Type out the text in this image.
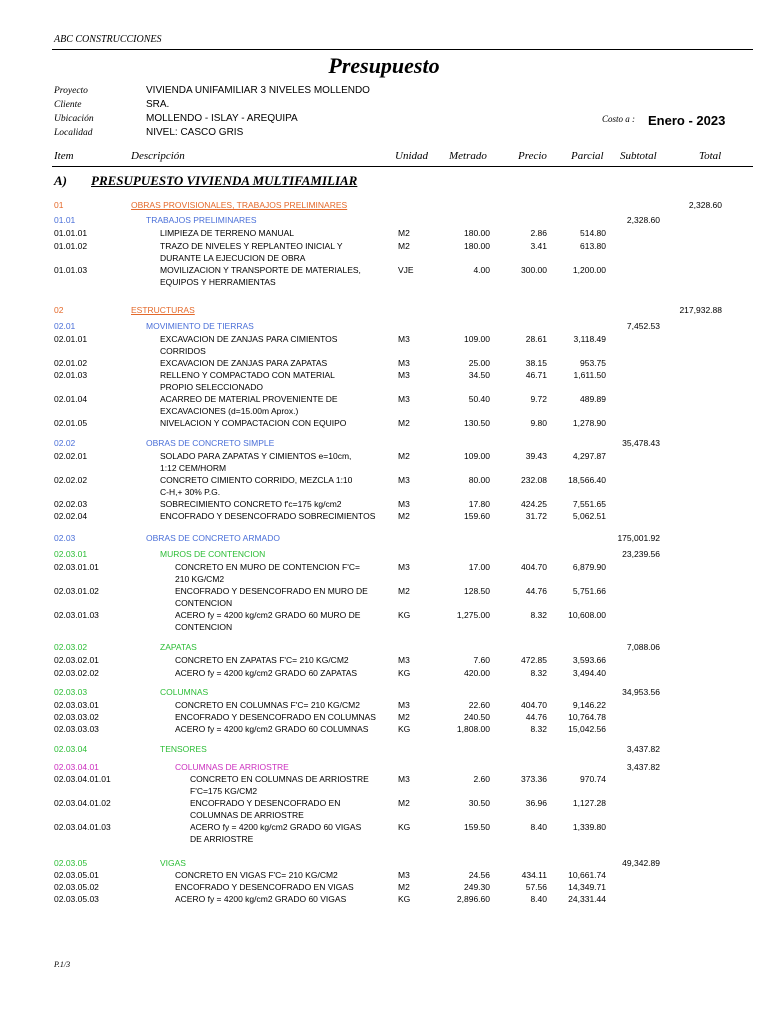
ABC CONSTRUCCIONES
Presupuesto
Proyecto	VIVIENDA UNIFAMILIAR 3 NIVELES MOLLENDO
Cliente	SRA.
Ubicación	MOLLENDO - ISLAY - AREQUIPA
Localidad	NIVEL: CASCO GRIS
Costo a : Enero - 2023
Item	Descripción	Unidad Metrado	Precio Parcial Subtotal	Total
A) PRESUPUESTO VIVIENDA MULTIFAMILIAR
01	OBRAS PROVISIONALES, TRABAJOS PRELIMINARES	2,328.60
01.01	TRABAJOS PRELIMINARES	2,328.60
01.01.01	LIMPIEZA DE TERRENO MANUAL	M2	180.00	2.86	514.80
01.01.02	TRAZO DE NIVELES Y REPLANTEO INICIAL Y
DURANTE LA EJECUCION DE OBRA
M2	180.00	3.41	613.80
01.01.03	MOVILIZACION Y TRANSPORTE DE MATERIALES,
EQUIPOS Y HERRAMIENTAS
VJE	4.00	300.00	1,200.00
02	ESTRUCTURAS	217,932.88
02.01	MOVIMIENTO DE TIERRAS	7,452.53
02.01.01	EXCAVACION DE ZANJAS PARA CIMIENTOS
CORRIDOS
M3	109.00	28.61	3,118.49
02.01.02	EXCAVACION DE ZANJAS PARA ZAPATAS	M3	25.00	38.15	953.75
02.01.03	RELLENO Y COMPACTADO CON MATERIAL
PROPIO SELECCIONADO
M3	34.50	46.71	1,611.50
02.01.04	ACARREO DE MATERIAL PROVENIENTE DE
EXCAVACIONES (d=15.00m Aprox.)
M3	50.40	9.72	489.89
02.01.05	NIVELACION Y COMPACTACION CON EQUIPO	M2	130.50	9.80	1,278.90
02.02	OBRAS DE CONCRETO SIMPLE	35,478.43
02.02.01	SOLADO PARA ZAPATAS Y CIMIENTOS e=10cm,
1:12 CEM/HORM
M2	109.00	39.43	4,297.87
02.02.02	CONCRETO CIMIENTO CORRIDO, MEZCLA 1:10
C-H,+ 30% P.G.
M3	80.00	232.08 18,566.40
02.02.03	SOBRECIMIENTO CONCRETO f'c=175 kg/cm2	M3	17.80	424.25	7,551.65
02.02.04	ENCOFRADO Y DESENCOFRADO SOBRECIMIENTOS	M2	159.60	31.72	5,062.51
02.03	OBRAS DE CONCRETO ARMADO	175,001.92
02.03.01	MUROS DE CONTENCION	23,239.56
02.03.01.01	CONCRETO EN MURO DE CONTENCION F'C=
210 KG/CM2
M3	17.00	404.70	6,879.90
02.03.01.02	ENCOFRADO Y DESENCOFRADO EN MURO DE
CONTENCION
M2	128.50	44.76	5,751.66
02.03.01.03	ACERO fy = 4200 kg/cm2 GRADO 60 MURO DE
CONTENCION
KG	1,275.00	8.32 10,608.00
02.03.02	ZAPATAS	7,088.06
02.03.02.01	CONCRETO EN ZAPATAS F'C= 210 KG/CM2	M3	7.60	472.85	3,593.66
02.03.02.02	ACERO fy = 4200 kg/cm2 GRADO 60 ZAPATAS	KG	420.00	8.32	3,494.40
02.03.03	COLUMNAS	34,953.56
02.03.03.01	CONCRETO EN COLUMNAS F'C= 210 KG/CM2	M3	22.60	404.70	9,146.22
02.03.03.02	ENCOFRADO Y DESENCOFRADO EN COLUMNAS	M2	240.50	44.76 10,764.78
02.03.03.03	ACERO fy = 4200 kg/cm2 GRADO 60 COLUMNAS	KG	1,808.00	8.32 15,042.56
02.03.04	TENSORES	3,437.82
02.03.04.01	COLUMNAS DE ARRIOSTRE	3,437.82
02.03.04.01.01	CONCRETO EN COLUMNAS DE ARRIOSTRE
F'C=175 KG/CM2
M3	2.60	373.36	970.74
02.03.04.01.02	ENCOFRADO Y DESENCOFRADO EN
COLUMNAS DE ARRIOSTRE
M2	30.50	36.96	1,127.28
02.03.04.01.03	ACERO fy = 4200 kg/cm2 GRADO 60 VIGAS
DE ARRIOSTRE
KG	159.50	8.40	1,339.80
02.03.05	VIGAS	49,342.89
02.03.05.01	CONCRETO EN VIGAS F'C= 210 KG/CM2	M3	24.56	434.11 10,661.74
02.03.05.02	ENCOFRADO Y DESENCOFRADO EN VIGAS	M2	249.30	57.56 14,349.71
02.03.05.03	ACERO fy = 4200 kg/cm2 GRADO 60 VIGAS	KG	2,896.60	8.40 24,331.44
P.1/3
